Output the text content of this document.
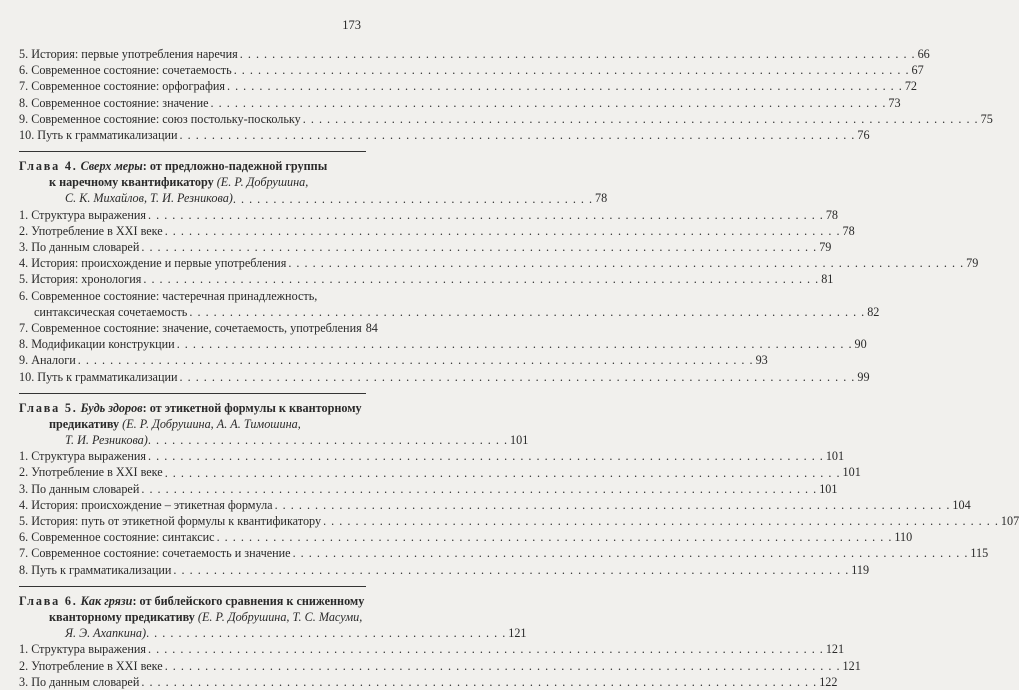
173
5. История: первые употребления наречия . . .	66
6. Современное состояние: сочетаемость . . .	67
7. Современное состояние: орфография . . .	72
8. Современное состояние: значение . . .	73
9. Современное состояние: союз постольку-поскольку . . .	75
10. Путь к грамматикализации . . .	76
Глава 4. Сверх меры: от предложно-падежной группы
к наречному квантификатору (Е. Р. Добрушина,
С. К. Михайлов, Т. И. Резникова) . . .	78
1. Структура выражения . . .	78
2. Употребление в XXI веке . . .	78
3. По данным словарей . . .	79
4. История: происхождение и первые употребления . . .	79
5. История: хронология . . .	81
6. Современное состояние: частеречная принадлежность,
синтаксическая сочетаемость . . .	82
7. Современное состояние: значение, сочетаемость, употребления 84
8. Модификации конструкции . . .	90
9. Аналоги . . .	93
10. Путь к грамматикализации . . .	99
Глава 5. Будь здоров: от этикетной формулы к кванторному
предикативу (Е. Р. Добрушина, А. А. Тимошина,
Т. И. Резникова) . . .	101
1. Структура выражения . . .	101
2. Употребление в XXI веке . . .	101
3. По данным словарей . . .	101
4. История: происхождение – этикетная формула . . .	104
5. История: путь от этикетной формулы к квантификатору . . .	107
6. Современное состояние: синтаксис . . .	110
7. Современное состояние: сочетаемость и значение . . .	115
8. Путь к грамматикализации . . .	119
Глава 6. Как грязи: от библейского сравнения к сниженному
кванторному предикативу (Е. Р. Добрушина, Т. С. Масуми,
Я. Э. Ахапкина) . . .	121
1. Структура выражения . . .	121
2. Употребление в XXI веке . . .	121
3. По данным словарей . . .	122
